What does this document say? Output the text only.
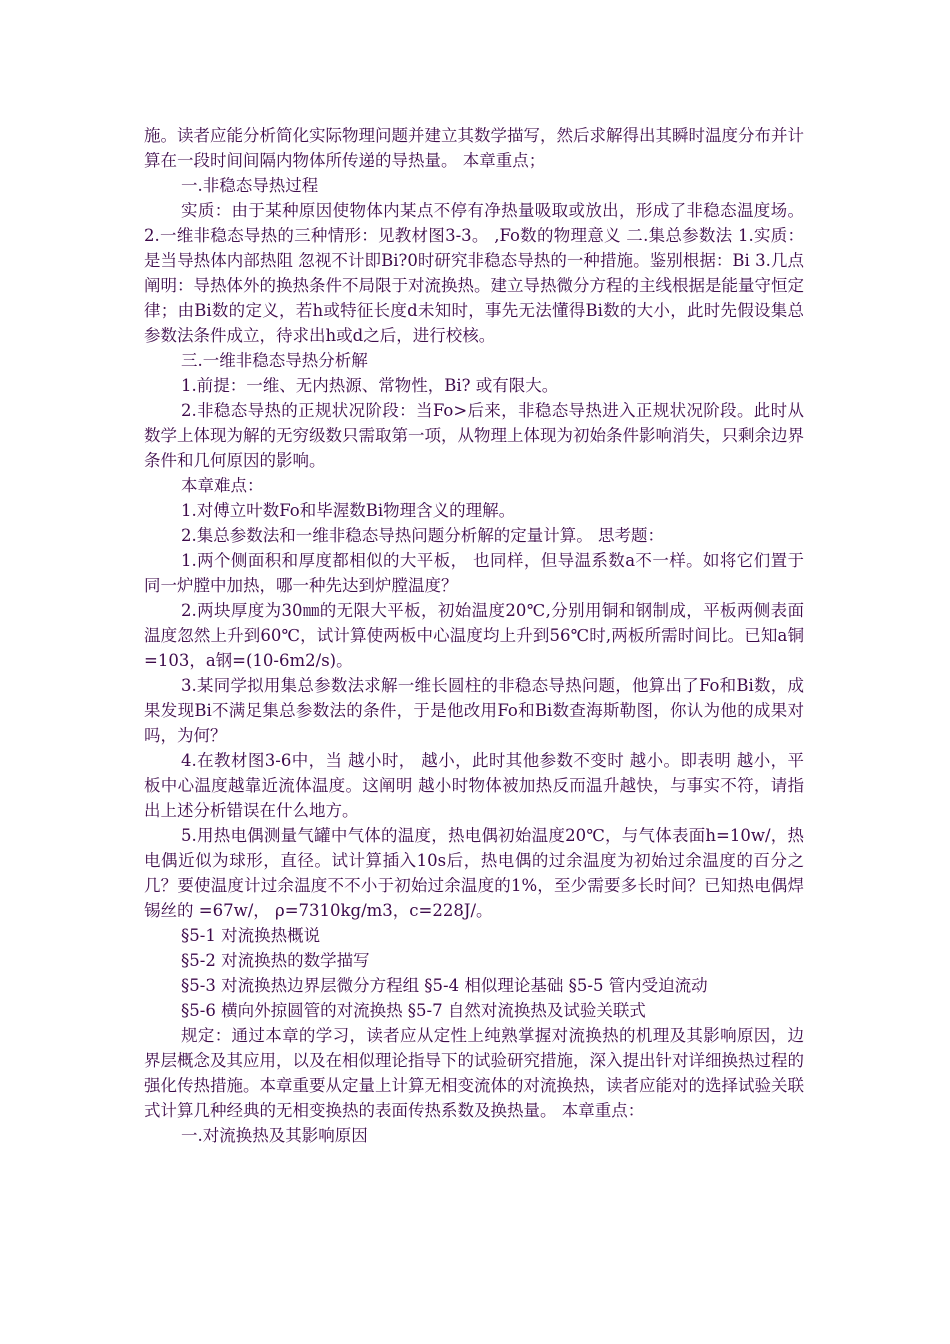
施。读者应能分析简化实际物理问题并建立其数学描写，然后求解得出其瞬时温度分布并计算在一段时间间隔内物体所传递的导热量。 本章重点；

一.非稳态导热过程

实质：由于某种原因使物体内某点不停有净热量吸取或放出，形成了非稳态温度场。 2.一维非稳态导热的三种情形：见教材图3-3。 ,Fo数的物理意义 二.集总参数法 1.实质：是当导热体内部热阻 忽视不计即Bi?0时研究非稳态导热的一种措施。鉴别根据：Bi 3.几点阐明：导热体外的换热条件不局限于对流换热。建立导热微分方程的主线根据是能量守恒定律；由Bi数的定义，若h或特征长度d未知时，事先无法懂得Bi数的大小，此时先假设集总参数法条件成立，待求出h或d之后，进行校核。

三.一维非稳态导热分析解

1.前提：一维、无内热源、常物性，Bi? 或有限大。

2.非稳态导热的正规状况阶段：当Fo>后来，非稳态导热进入正规状况阶段。此时从数学上体现为解的无穷级数只需取第一项，从物理上体现为初始条件影响消失，只剩余边界条件和几何原因的影响。

本章难点：

1.对傅立叶数Fo和毕渥数Bi物理含义的理解。

2.集总参数法和一维非稳态导热问题分析解的定量计算。 思考题：

1.两个侧面积和厚度都相似的大平板， 也同样，但导温系数a不一样。如将它们置于同一炉膛中加热，哪一种先达到炉膛温度？

2.两块厚度为30㎜的无限大平板，初始温度20℃,分别用铜和钢制成，平板两侧表面温度忽然上升到60℃，试计算使两板中心温度均上升到56℃时,两板所需时间比。已知a铜=103，a钢=(10-6m2/s)。

3.某同学拟用集总参数法求解一维长圆柱的非稳态导热问题，他算出了Fo和Bi数，成果发现Bi不满足集总参数法的条件，于是他改用Fo和Bi数查海斯勒图，你认为他的成果对吗，为何？

4.在教材图3-6中，当 越小时， 越小，此时其他参数不变时 越小。即表明 越小，平板中心温度越靠近流体温度。这阐明 越小时物体被加热反而温升越快，与事实不符，请指出上述分析错误在什么地方。

5.用热电偶测量气罐中气体的温度，热电偶初始温度20℃，与气体表面h=10w/，热电偶近似为球形，直径。试计算插入10s后，热电偶的过余温度为初始过余温度的百分之几？要使温度计过余温度不不小于初始过余温度的1%，至少需要多长时间？已知热电偶焊锡丝的 =67w/， ρ=7310kg/m3，c=228J/。

§5-1 对流换热概说

§5-2 对流换热的数学描写

§5-3 对流换热边界层微分方程组 §5-4 相似理论基础 §5-5 管内受迫流动

§5-6 横向外掠圆管的对流换热 §5-7 自然对流换热及试验关联式

规定：通过本章的学习，读者应从定性上纯熟掌握对流换热的机理及其影响原因，边界层概念及其应用，以及在相似理论指导下的试验研究措施，深入提出针对详细换热过程的强化传热措施。本章重要从定量上计算无相变流体的对流换热，读者应能对的选择试验关联式计算几种经典的无相变换热的表面传热系数及换热量。 本章重点：

一.对流换热及其影响原因
